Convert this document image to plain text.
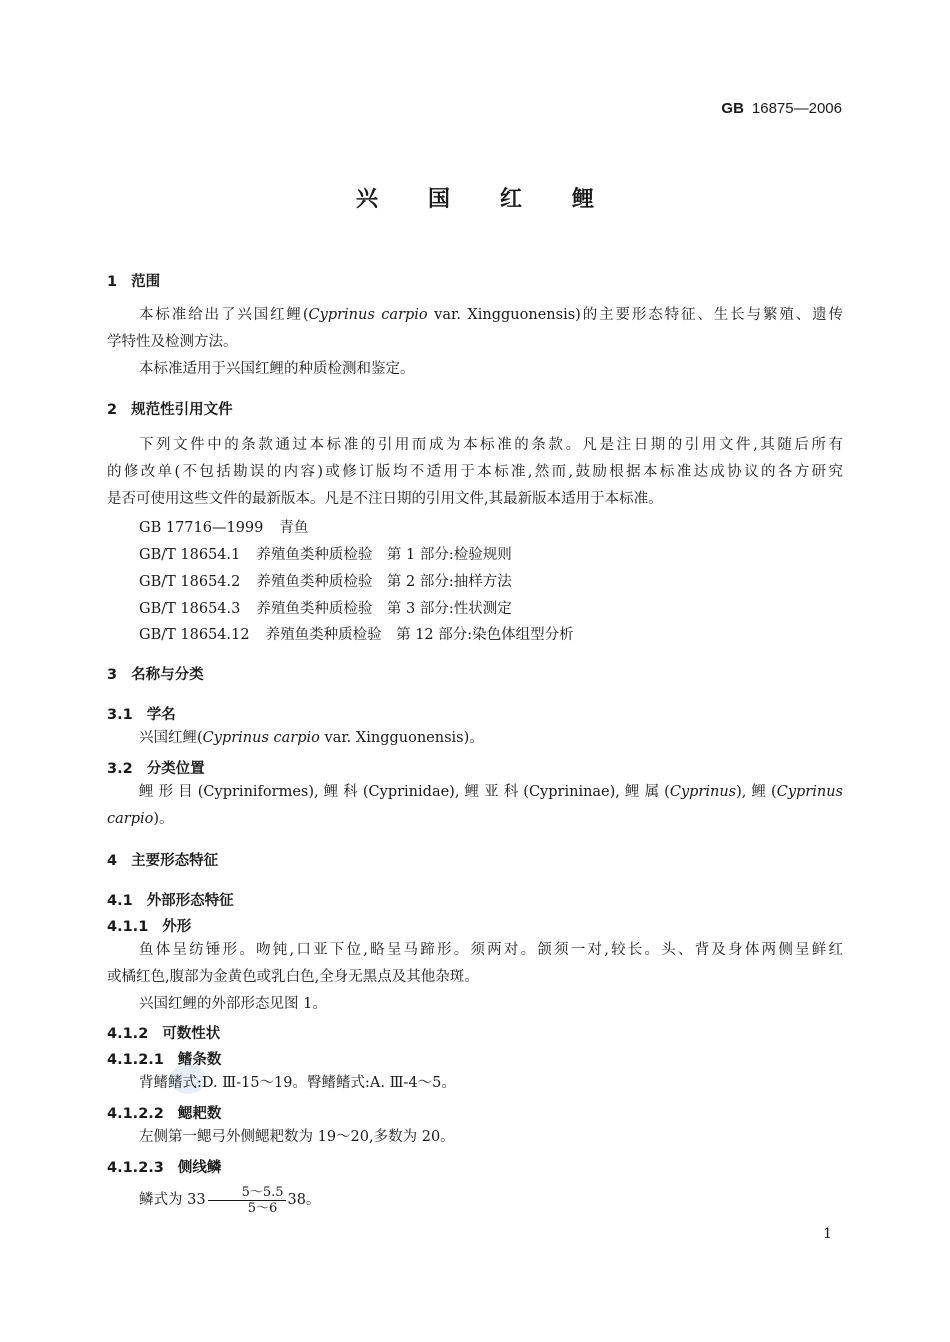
GB 16875—2006
兴国红鲤
1 范围
本标准给出了兴国红鲤(Cyprinus carpio var. Xingguonensis)的主要形态特征、生长与繁殖、遗传
学特性及检测方法。
本标准适用于兴国红鲤的种质检测和鉴定。
2 规范性引用文件
下列文件中的条款通过本标准的引用而成为本标准的条款。凡是注日期的引用文件,其随后所有
的修改单(不包括勘误的内容)或修订版均不适用于本标准,然而,鼓励根据本标准达成协议的各方研究
是否可使用这些文件的最新版本。凡是不注日期的引用文件,其最新版本适用于本标准。
GB 17716—1999 青鱼
GB/T 18654.1 养殖鱼类种质检验　第 1 部分:检验规则
GB/T 18654.2 养殖鱼类种质检验　第 2 部分:抽样方法
GB/T 18654.3 养殖鱼类种质检验　第 3 部分:性状测定
GB/T 18654.12 养殖鱼类种质检验　第 12 部分:染色体组型分析
3 名称与分类
3.1 学名
兴国红鲤(Cyprinus carpio var. Xingguonensis)。
3.2 分类位置
鲤形目(Cypriniformes),鲤科(Cyprinidae),鲤亚科(Cyprininae),鲤属(Cyprinus),鲤(Cyprinus
carpio)。
4 主要形态特征
4.1 外部形态特征
4.1.1 外形
鱼体呈纺锤形。吻钝,口亚下位,略呈马蹄形。须两对。颌须一对,较长。头、背及身体两侧呈鲜红
或橘红色,腹部为金黄色或乳白色,全身无黑点及其他杂斑。
兴国红鲤的外部形态见图 1。
4.1.2 可数性状
4.1.2.1 鳍条数
背鳍鳍式:D. Ⅲ-15～19。臀鳍鳍式:A. Ⅲ-4～5。
4.1.2.2 鳃耙数
左侧第一鳃弓外侧鳃耙数为 19～20,多数为 20。
4.1.2.3 侧线鳞
鳞式为 $33 \frac{5\sim 5.5}{5\sim 6} 38$。
1
